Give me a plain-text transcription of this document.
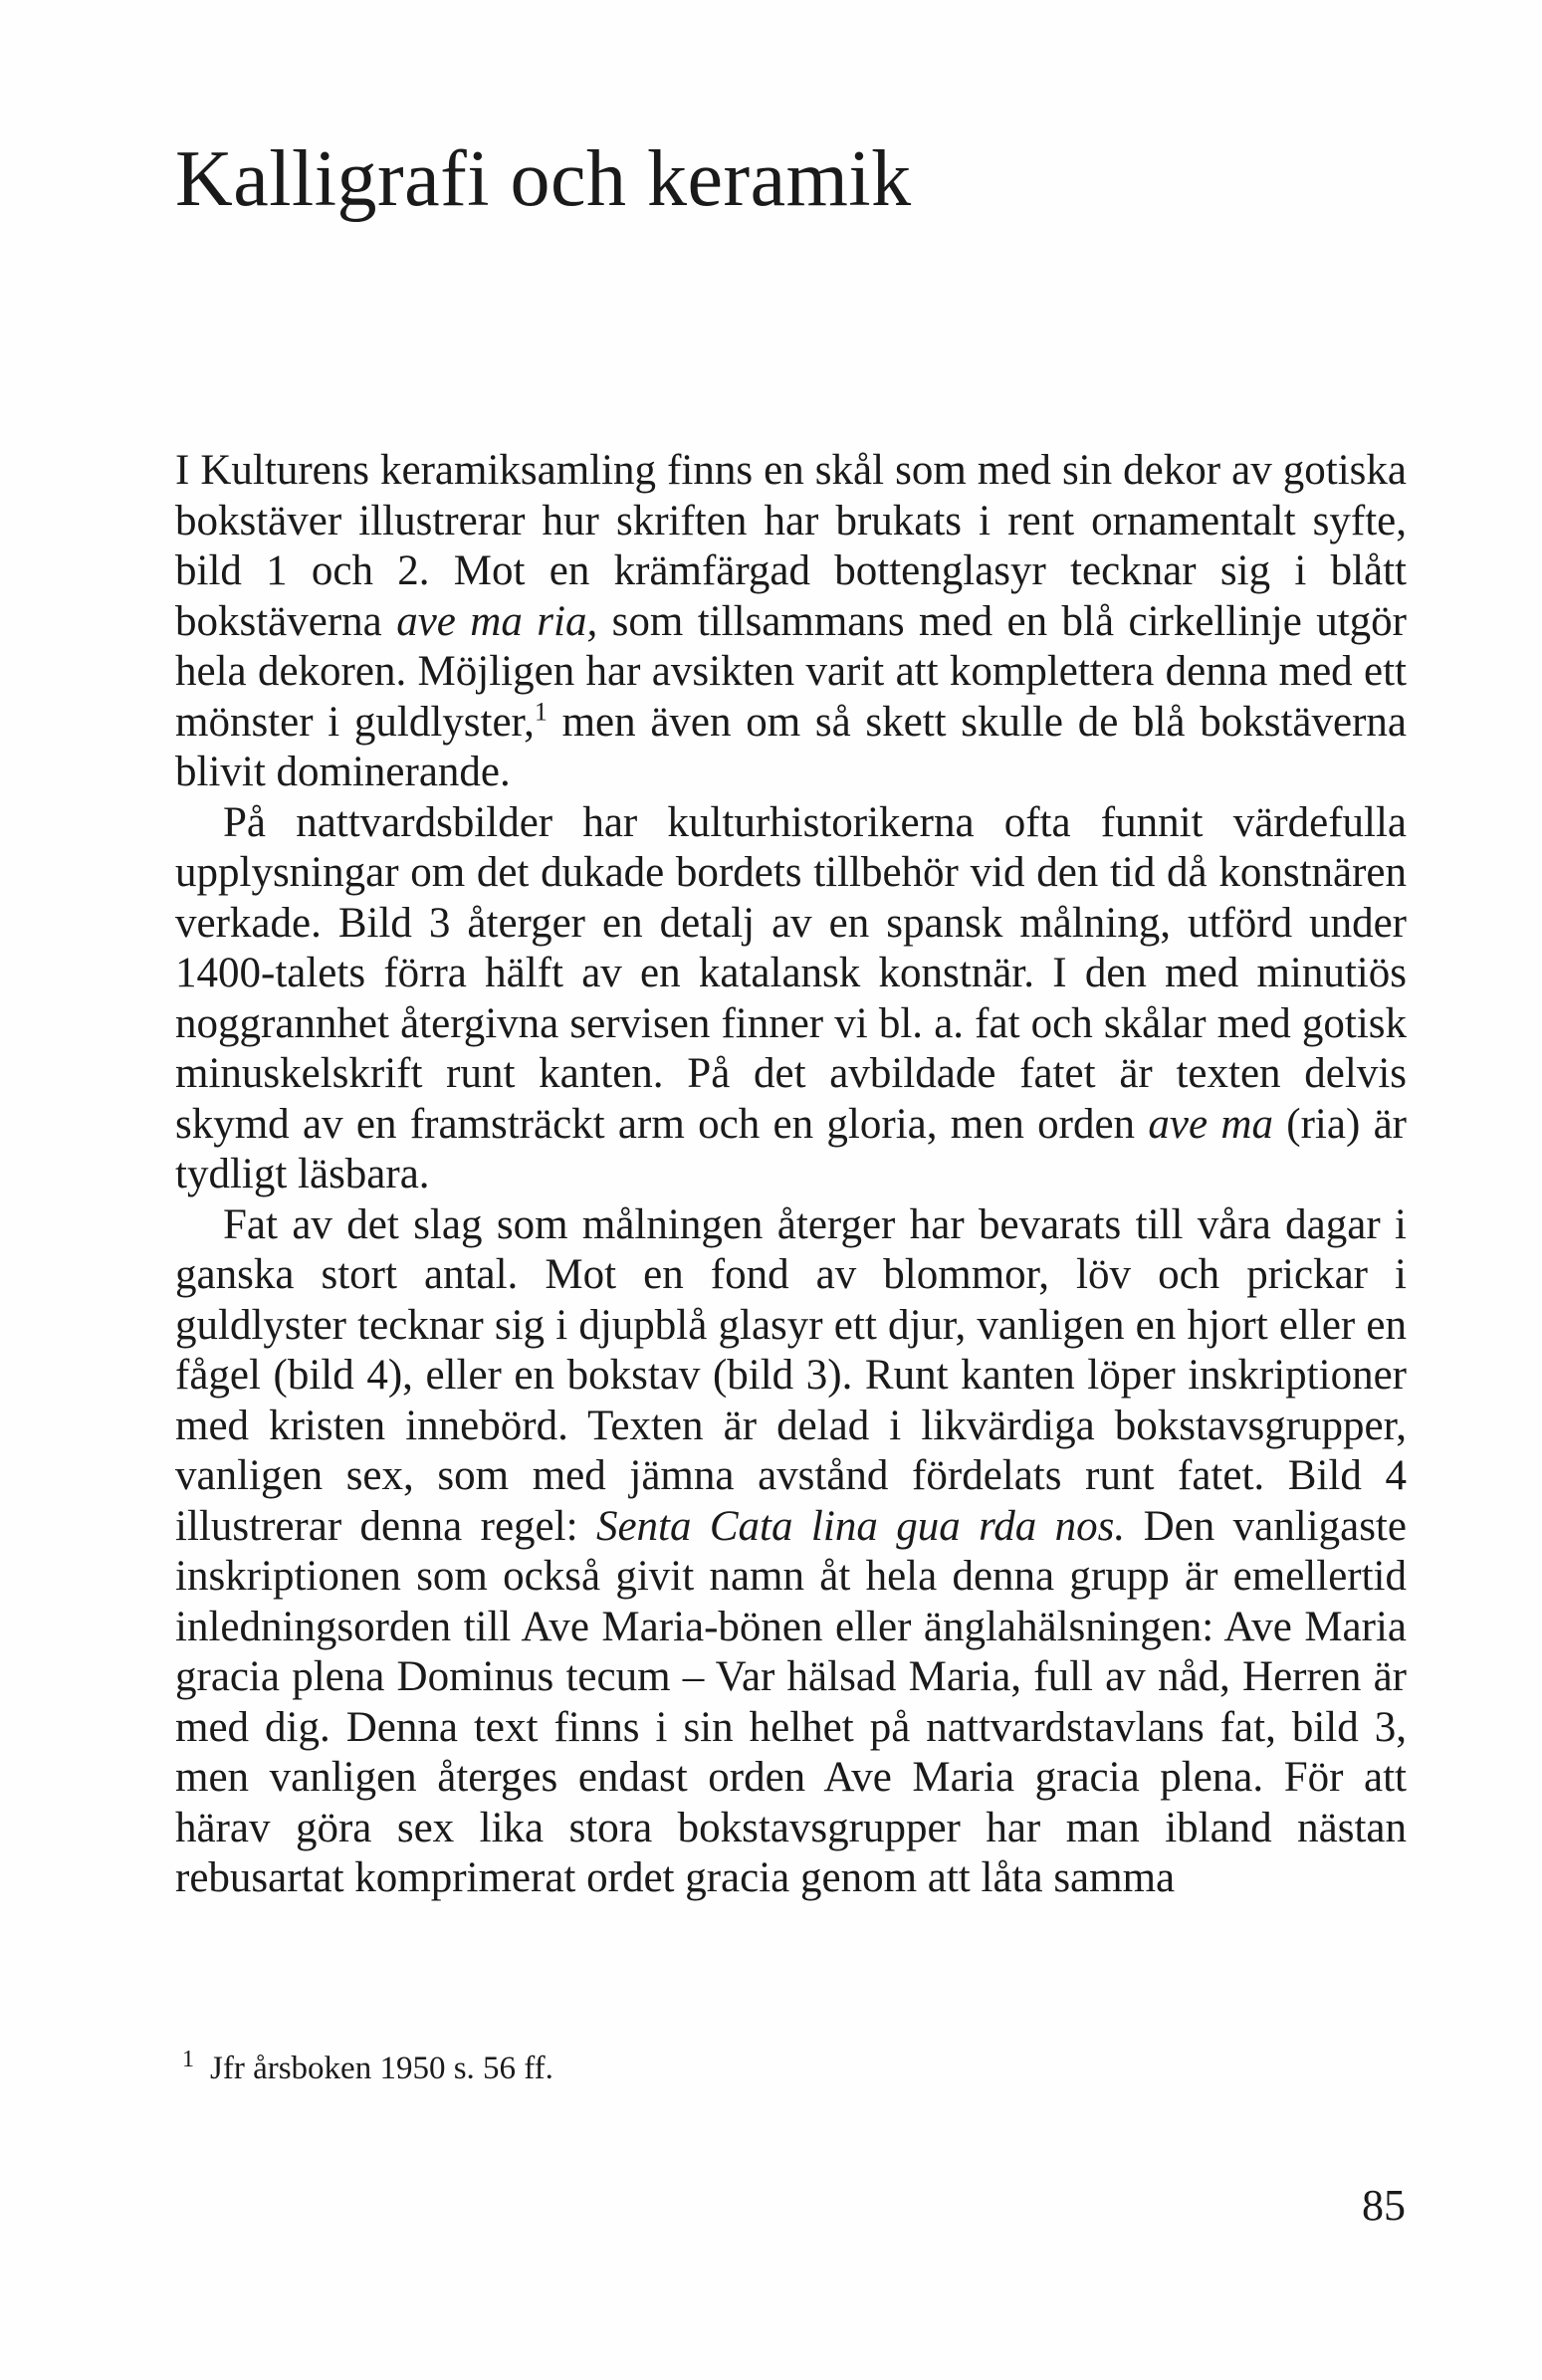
Kalligrafi och keramik

I Kulturens keramiksamling finns en skål som med sin dekor av gotiska bokstäver illustrerar hur skriften har brukats i rent ornamentalt syfte, bild 1 och 2. Mot en krämfärgad bottenglasyr tecknar sig i blått bokstäverna ave ma ria, som tillsammans med en blå cirkellinje utgör hela dekoren. Möjligen har avsikten varit att komplettera denna med ett mönster i guldlyster,$^1$ men även om så skett skulle de blå bokstäverna blivit dominerande.

På nattvardsbilder har kulturhistorikerna ofta funnit värdefulla upplysningar om det dukade bordets tillbehör vid den tid då konstnären verkade. Bild 3 återger en detalj av en spansk målning, utförd under 1400-talets förra hälft av en katalansk konstnär. I den med minutiös noggrannhet återgivna servisen finner vi bl. a. fat och skålar med gotisk minuskelskrift runt kanten. På det avbildade fatet är texten delvis skymd av en framsträckt arm och en gloria, men orden ave ma (ria) är tydligt läsbara.

Fat av det slag som målningen återger har bevarats till våra dagar i ganska stort antal. Mot en fond av blommor, löv och prickar i guldlyster tecknar sig i djupblå glasyr ett djur, vanligen en hjort eller en fågel (bild 4), eller en bokstav (bild 3). Runt kanten löper inskriptioner med kristen innebörd. Texten är delad i likvärdiga bokstavsgrupper, vanligen sex, som med jämna avstånd fördelats runt fatet. Bild 4 illustrerar denna regel: Senta Cata lina gua rda nos. Den vanligaste inskriptionen som också givit namn åt hela denna grupp är emellertid inledningsorden till Ave Maria-bönen eller änglahälsningen: Ave Maria gracia plena Dominus tecum – Var hälsad Maria, full av nåd, Herren är med dig. Denna text finns i sin helhet på nattvardstavlans fat, bild 3, men vanligen återges endast orden Ave Maria gracia plena. För att härav göra sex lika stora bokstavsgrupper har man ibland nästan rebusartat komprimerat ordet gracia genom att låta samma

$^1$ Jfr årsboken 1950 s. 56 ff.
85
